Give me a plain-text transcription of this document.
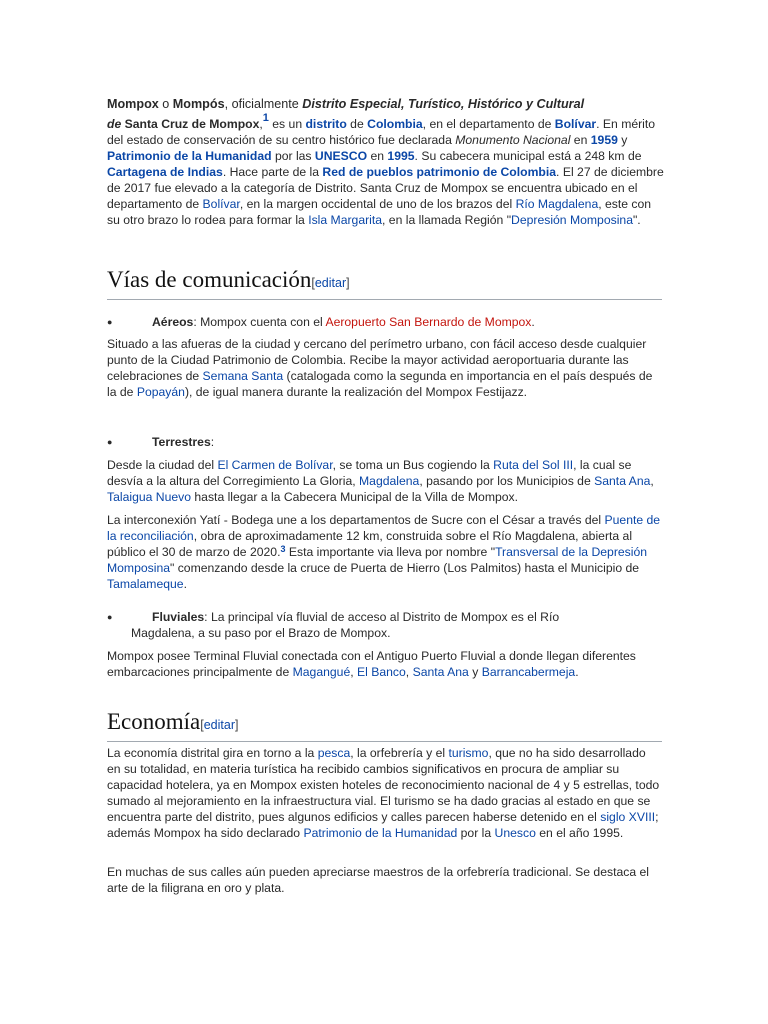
Mompox o Mompós, oficialmente Distrito Especial, Turístico, Histórico y Cultural
de Santa Cruz de Mompox,$^1$ es un distrito de Colombia, en el departamento de Bolívar. En mérito del estado de conservación de su centro histórico fue declarada Monumento Nacional en 1959 y Patrimonio de la Humanidad por las UNESCO en 1995. Su cabecera municipal está a 248 km de Cartagena de Indias. Hace parte de la Red de pueblos patrimonio de Colombia. El 27 de diciembre de 2017 fue elevado a la categoría de Distrito. Santa Cruz de Mompox se encuentra ubicado en el departamento de Bolívar, en la margen occidental de uno de los brazos del Río Magdalena, este con su otro brazo lo rodea para formar la Isla Margarita, en la llamada Región "Depresión Momposina".
Vías de comunicación[editar]
●	Aéreos: Mompox cuenta con el Aeropuerto San Bernardo de Mompox.
Situado a las afueras de la ciudad y cercano del perímetro urbano, con fácil acceso desde cualquier punto de la Ciudad Patrimonio de Colombia. Recibe la mayor actividad aeroportuaria durante las celebraciones de Semana Santa (catalogada como la segunda en importancia en el país después de la de Popayán), de igual manera durante la realización del Mompox Festijazz.
●	Terrestres:
Desde la ciudad del El Carmen de Bolívar, se toma un Bus cogiendo la Ruta del Sol III, la cual se desvía a la altura del Corregimiento La Gloria, Magdalena, pasando por los Municipios de Santa Ana, Talaigua Nuevo hasta llegar a la Cabecera Municipal de la Villa de Mompox.
La interconexión Yatí - Bodega une a los departamentos de Sucre con el César a través del Puente de la reconciliación, obra de aproximadamente 12 km, construida sobre el Río Magdalena, abierta al público el 30 de marzo de 2020.$^3$ Esta importante via lleva por nombre "Transversal de la Depresión Momposina" comenzando desde la cruce de Puerta de Hierro (Los Palmitos) hasta el Municipio de Tamalameque.
●	Fluviales: La principal vía fluvial de acceso al Distrito de Mompox es el Río
Magdalena, a su paso por el Brazo de Mompox.
Mompox posee Terminal Fluvial conectada con el Antiguo Puerto Fluvial a donde llegan diferentes embarcaciones principalmente de Magangué, El Banco, Santa Ana y Barrancabermeja.
Economía[editar]
La economía distrital gira en torno a la pesca, la orfebrería y el turismo, que no ha sido desarrollado en su totalidad, en materia turística ha recibido cambios significativos en procura de ampliar su capacidad hotelera, ya en Mompox existen hoteles de reconocimiento nacional de 4 y 5 estrellas, todo sumado al mejoramiento en la infraestructura vial. El turismo se ha dado gracias al estado en que se encuentra parte del distrito, pues algunos edificios y calles parecen haberse detenido en el siglo XVIII; además Mompox ha sido declarado Patrimonio de la Humanidad por la Unesco en el año 1995.
En muchas de sus calles aún pueden apreciarse maestros de la orfebrería tradicional. Se destaca el arte de la filigrana en oro y plata.
